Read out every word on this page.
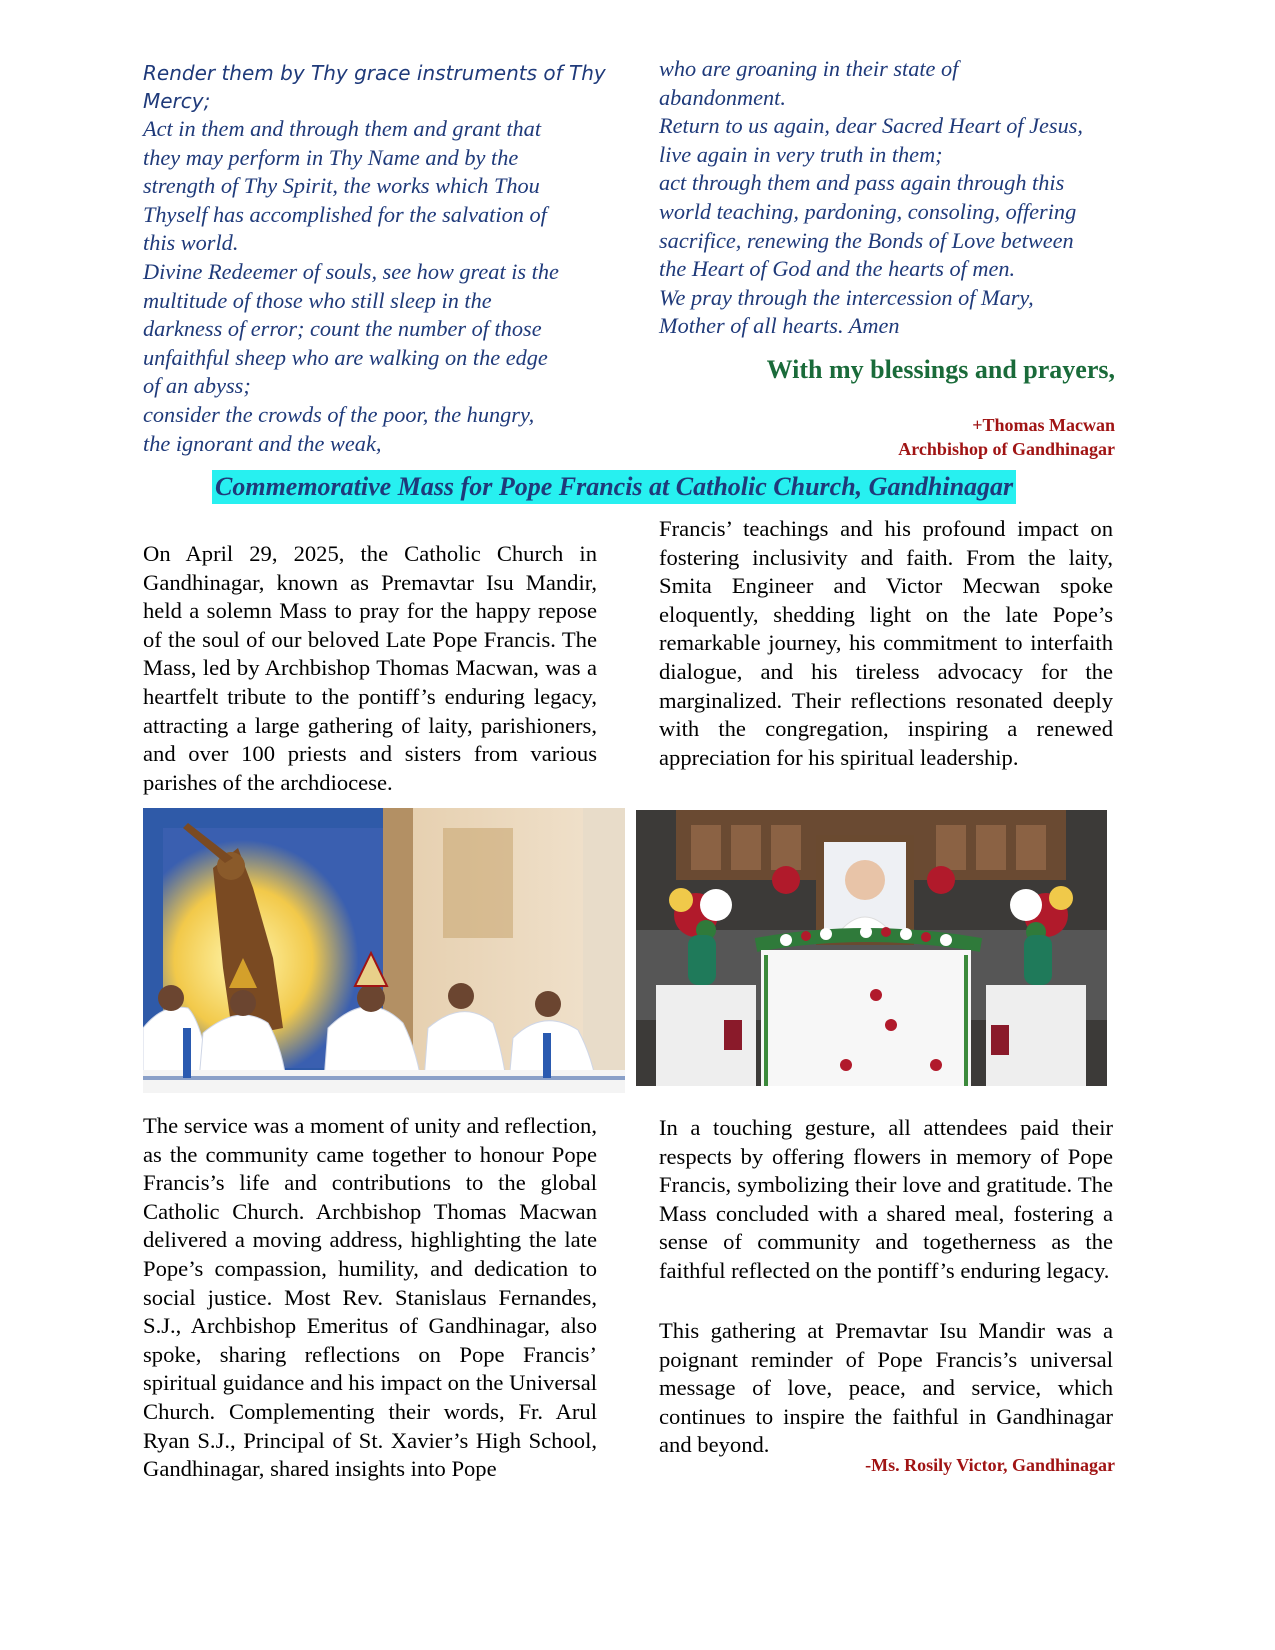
Render them by Thy grace instruments of Thy
Mercy;
Act in them and through them and grant that
they may perform in Thy Name and by the
strength of Thy Spirit, the works which Thou
Thyself has accomplished for the salvation of
this world.
Divine Redeemer of souls, see how great is the
multitude of those who still sleep in the
darkness of error; count the number of those
unfaithful sheep who are walking on the edge
of an abyss;
consider the crowds of the poor, the hungry,
the ignorant and the weak,
who are groaning in their state of
abandonment.
Return to us again, dear Sacred Heart of Jesus,
live again in very truth in them;
act through them and pass again through this
world teaching, pardoning, consoling, offering
sacrifice, renewing the Bonds of Love between
the Heart of God and the hearts of men.
We pray through the intercession of Mary,
Mother of all hearts. Amen
With my blessings and prayers,
+Thomas Macwan
Archbishop of Gandhinagar
Commemorative Mass for Pope Francis at Catholic Church, Gandhinagar
On April 29, 2025, the Catholic Church in Gandhinagar, known as Premavtar Isu Mandir, held a solemn Mass to pray for the happy repose of the soul of our beloved Late Pope Francis. The Mass, led by Archbishop Thomas Macwan, was a heartfelt tribute to the pontiff’s enduring legacy, attracting a large gathering of laity, parishioners, and over 100 priests and sisters from various parishes of the archdiocese.
Francis’ teachings and his profound impact on fostering inclusivity and faith. From the laity, Smita Engineer and Victor Mecwan spoke eloquently, shedding light on the late Pope’s remarkable journey, his commitment to interfaith dialogue, and his tireless advocacy for the marginalized. Their reflections resonated deeply with the congregation, inspiring a renewed appreciation for his spiritual leadership.
The service was a moment of unity and reflection, as the community came together to honour Pope Francis’s life and contributions to the global Catholic Church. Archbishop Thomas Macwan delivered a moving address, highlighting the late Pope’s compassion, humility, and dedication to social justice. Most Rev. Stanislaus Fernandes, S.J., Archbishop Emeritus of Gandhinagar, also spoke, sharing reflections on Pope Francis’ spiritual guidance and his impact on the Universal Church. Complementing their words, Fr. Arul Ryan S.J., Principal of St. Xavier’s High School, Gandhinagar, shared insights into Pope
In a touching gesture, all attendees paid their respects by offering flowers in memory of Pope Francis, symbolizing their love and gratitude. The Mass concluded with a shared meal, fostering a sense of community and togetherness as the faithful reflected on the pontiff’s enduring legacy.
This gathering at Premavtar Isu Mandir was a poignant reminder of Pope Francis’s universal message of love, peace, and service, which continues to inspire the faithful in Gandhinagar and beyond.
-Ms. Rosily Victor, Gandhinagar
